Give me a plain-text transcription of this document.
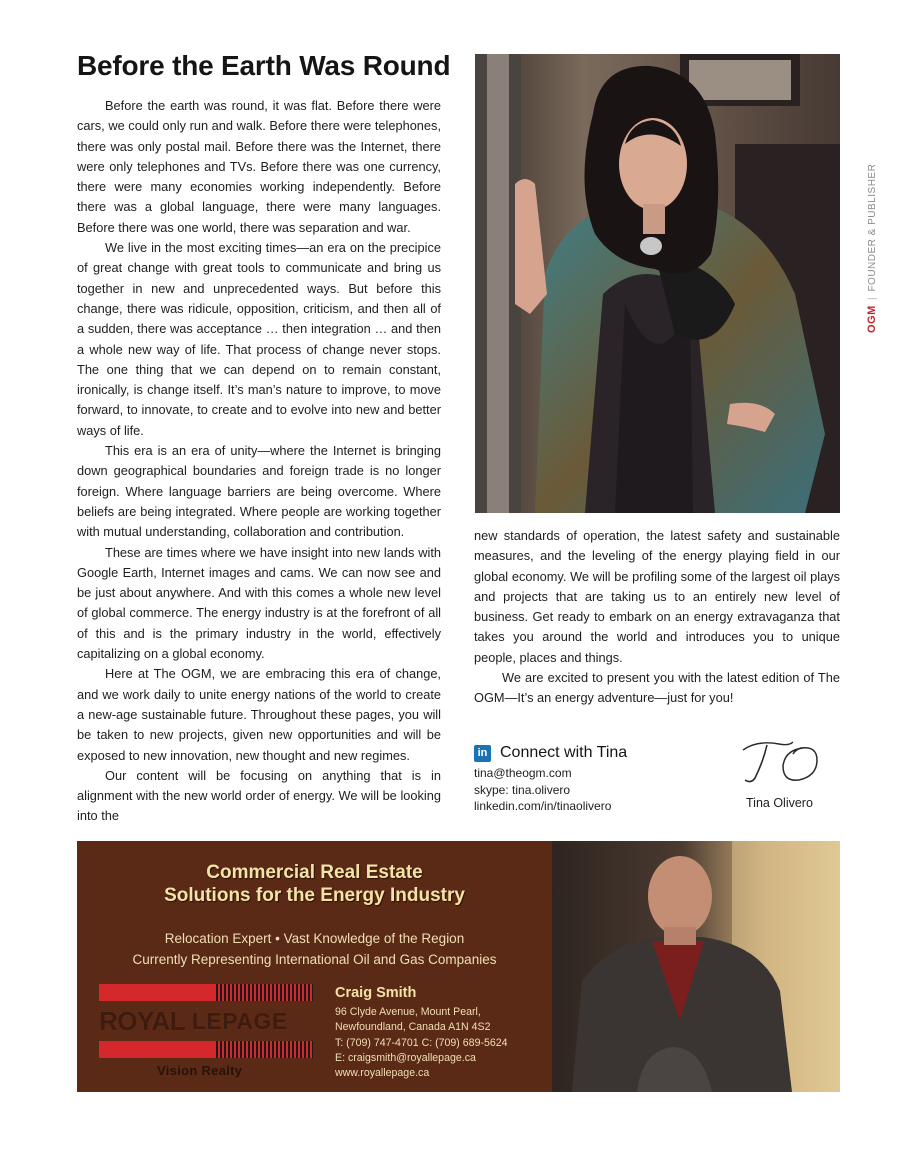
Before the Earth Was Round

Before the earth was round, it was flat. Before there were cars, we could only run and walk. Before there were telephones, there was only postal mail. Before there was the Internet, there were only telephones and TVs. Before there was one currency, there were many economies working independently. Before there was a global language, there were many languages. Before there was one world, there was separation and war.

We live in the most exciting times—an era on the precipice of great change with great tools to communicate and bring us together in new and unprecedented ways. But before this change, there was ridicule, opposition, criticism, and then all of a sudden, there was acceptance … then integration … and then a whole new way of life. That process of change never stops. The one thing that we can depend on to remain constant, ironically, is change itself. It’s man’s nature to improve, to move forward, to innovate, to create and to evolve into new and better ways of life.

This era is an era of unity—where the Internet is bringing down geographical boundaries and foreign trade is no longer foreign. Where language barriers are being overcome. Where beliefs are being integrated. Where people are working together with mutual understanding, collaboration and contribution.

These are times where we have insight into new lands with Google Earth, Internet images and cams. We can now see and be just about anywhere. And with this comes a whole new level of global commerce. The energy industry is at the forefront of all of this and is the primary industry in the world, effectively capitalizing on a global economy.

Here at The OGM, we are embracing this era of change, and we work daily to unite energy nations of the world to create a new-age sustainable future. Throughout these pages, you will be taken to new projects, given new opportunities and will be exposed to new innovation, new thought and new regimes.

Our content will be focusing on anything that is in alignment with the new world order of energy. We will be looking into the

OGM | FOUNDER & PUBLISHER

new standards of operation, the latest safety and sustainable measures, and the leveling of the energy playing field in our global economy. We will be profiling some of the largest oil plays and projects that are taking us to an entirely new level of business. Get ready to embark on an energy extravaganza that takes you around the world and introduces you to unique people, places and things.

We are excited to present you with the latest edition of The OGM—It’s an energy adventure—just for you!

in Connect with Tina
tina@theogm.com
skype: tina.olivero
linkedin.com/in/tinaolivero	Tina Olivero
Commercial Real Estate
Solutions for the Energy Industry
Relocation Expert • Vast Knowledge of the Region
Currently Representing International Oil and Gas Companies
ROYAL
LEPAGE
Vision Realty
Craig Smith
96 Clyde Avenue, Mount Pearl,
Newfoundland, Canada A1N 4S2
T: (709) 747-4701 C: (709) 689-5624
E: craigsmith@royallepage.ca
www.royallepage.ca
